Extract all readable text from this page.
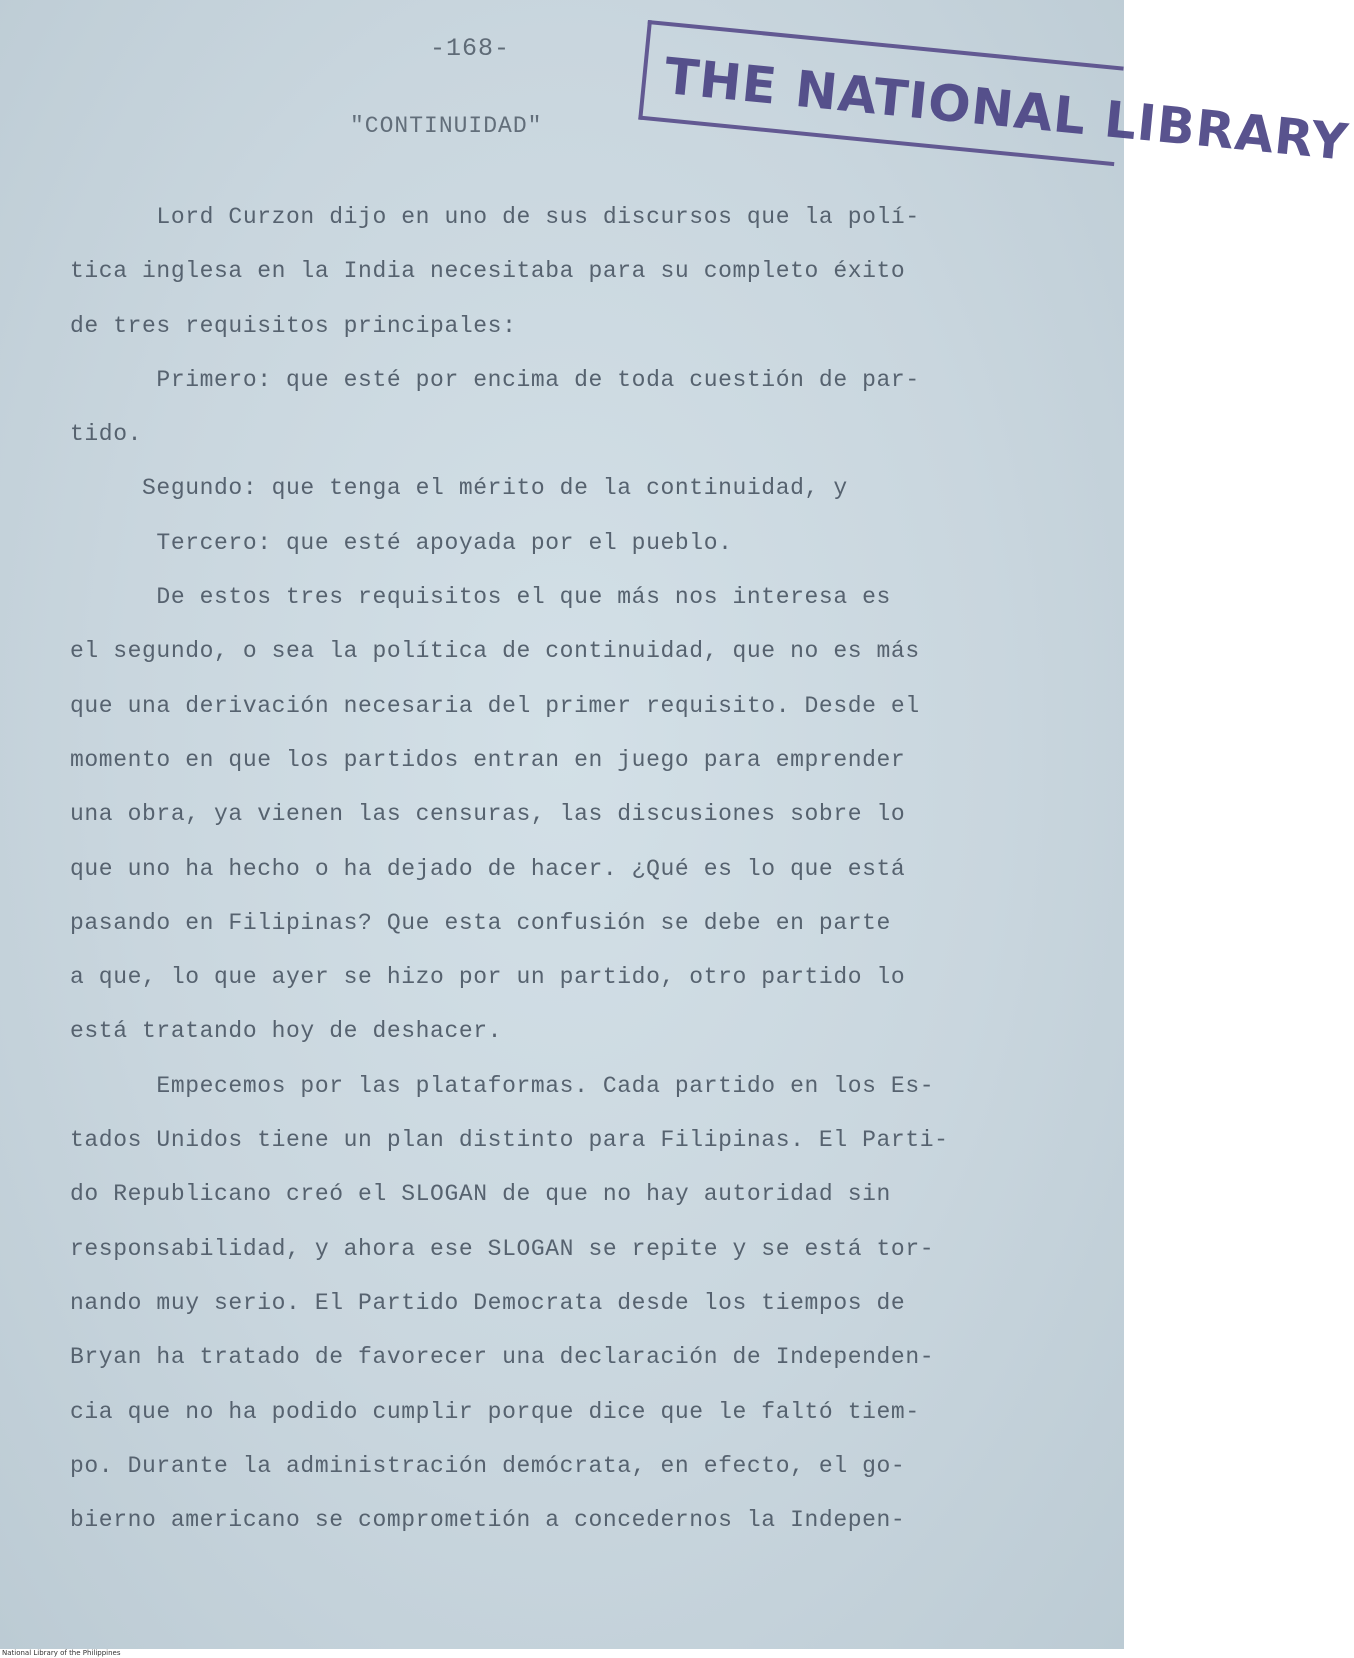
-168-	THE NATIONAL LIBRARY
"CONTINUIDAD"
Lord Curzon dijo en uno de sus discursos que la polí-
tica inglesa en la India necesitaba para su completo éxito
de tres requisitos principales:
Primero: que esté por encima de toda cuestión de par-
tido.
Segundo: que tenga el mérito de la continuidad, y
Tercero: que esté apoyada por el pueblo.
De estos tres requisitos el que más nos interesa es
el segundo, o sea la política de continuidad, que no es más
que una derivación necesaria del primer requisito. Desde el
momento en que los partidos entran en juego para emprender
una obra, ya vienen las censuras, las discusiones sobre lo
que uno ha hecho o ha dejado de hacer. ¿Qué es lo que está
pasando en Filipinas? Que esta confusión se debe en parte
a que, lo que ayer se hizo por un partido, otro partido lo
está tratando hoy de deshacer.
Empecemos por las plataformas. Cada partido en los Es-
tados Unidos tiene un plan distinto para Filipinas. El Parti-
do Republicano creó el SLOGAN de que no hay autoridad sin
responsabilidad, y ahora ese SLOGAN se repite y se está tor-
nando muy serio. El Partido Democrata desde los tiempos de
Bryan ha tratado de favorecer una declaración de Independen-
cia que no ha podido cumplir porque dice que le faltó tiem-
po. Durante la administración demócrata, en efecto, el go-
bierno americano se comprometión a concedernos la Indepen-
National Library of the Philippines
